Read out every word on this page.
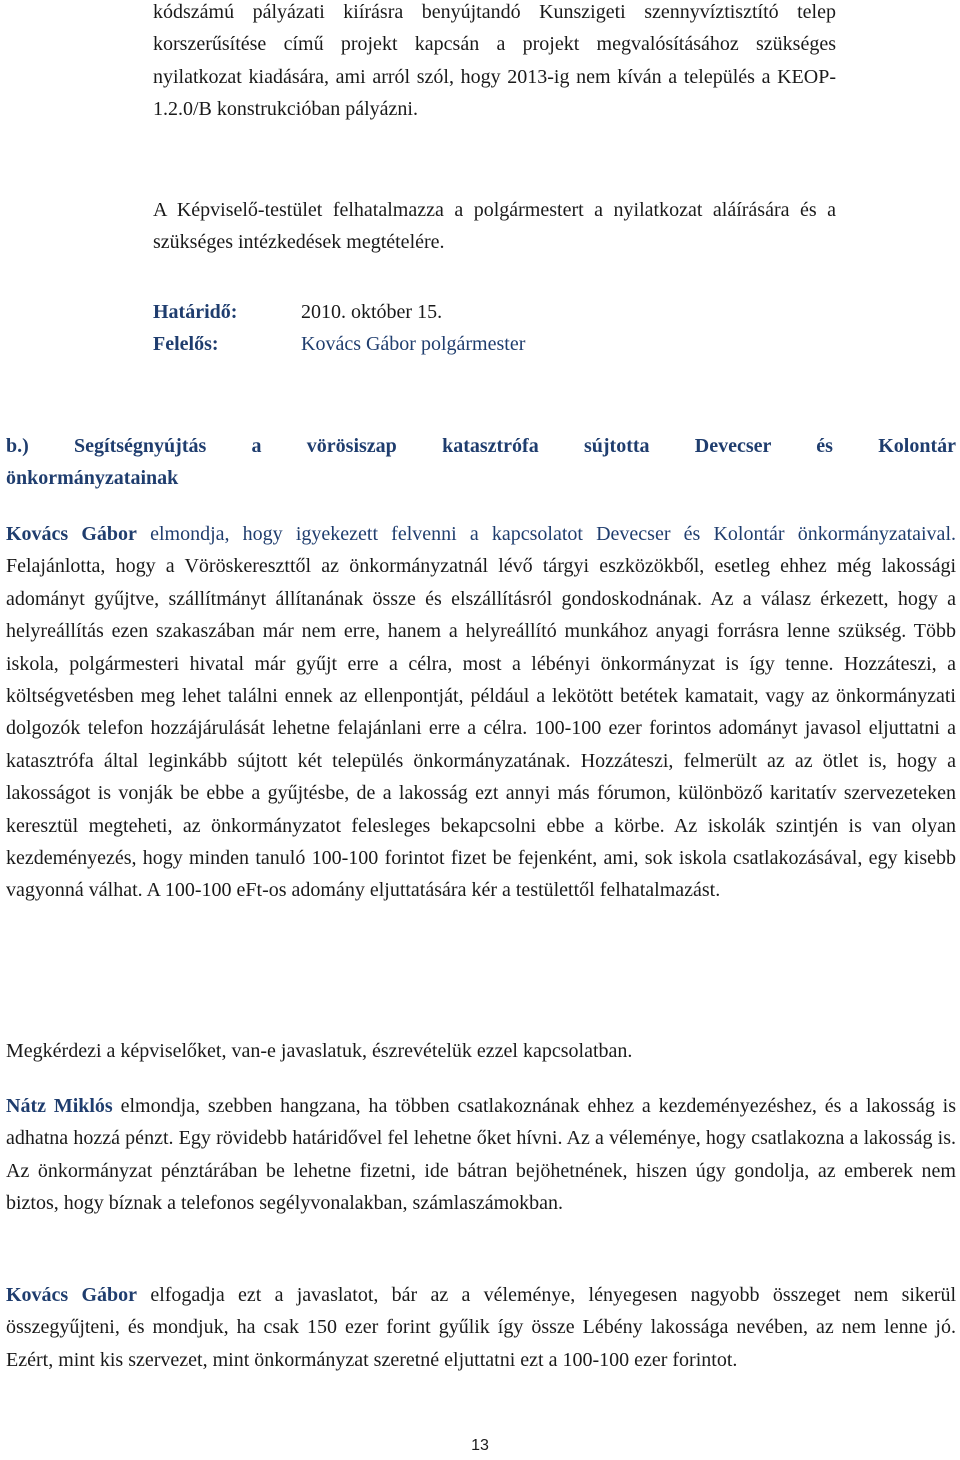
kódszámú pályázati kiírásra benyújtandó Kunszigeti szennyvíztisztító telep korszerűsítése című projekt kapcsán a projekt megvalósításához szükséges nyilatkozat kiadására, ami arról szól, hogy 2013-ig nem kíván a település a KEOP-1.2.0/B konstrukcióban pályázni.

A Képviselő-testület felhatalmazza a polgármestert a nyilatkozat aláírására és a szükséges intézkedések megtételére.

Határidő:	2010. október 15.
Felelős:	Kovács Gábor polgármester
b.) Segítségnyújtás a vörösiszap katasztrófa sújtotta Devecser és Kolontár
önkormányzatainak

Kovács Gábor elmondja, hogy igyekezett felvenni a kapcsolatot Devecser és Kolontár önkormányzataival. Felajánlotta, hogy a Vöröskereszttől az önkormányzatnál lévő tárgyi eszközökből, esetleg ehhez még lakossági adományt gyűjtve, szállítmányt állítanának össze és elszállításról gondoskodnának. Az a válasz érkezett, hogy a helyreállítás ezen szakaszában már nem erre, hanem a helyreállító munkához anyagi forrásra lenne szükség. Több iskola, polgármesteri hivatal már gyűjt erre a célra, most a lébényi önkormányzat is így tenne. Hozzáteszi, a költségvetésben meg lehet találni ennek az ellenpontját, például a lekötött betétek kamatait, vagy az önkormányzati dolgozók telefon hozzájárulását lehetne felajánlani erre a célra. 100-100 ezer forintos adományt javasol eljuttatni a katasztrófa által leginkább sújtott két település önkormányzatának. Hozzáteszi, felmerült az az ötlet is, hogy a lakosságot is vonják be ebbe a gyűjtésbe, de a lakosság ezt annyi más fórumon, különböző karitatív szervezeteken keresztül megteheti, az önkormányzatot felesleges bekapcsolni ebbe a körbe. Az iskolák szintjén is van olyan kezdeményezés, hogy minden tanuló 100-100 forintot fizet be fejenként, ami, sok iskola csatlakozásával, egy kisebb vagyonná válhat. A 100-100 eFt-os adomány eljuttatására kér a testülettől felhatalmazást.

Megkérdezi a képviselőket, van-e javaslatuk, észrevételük ezzel kapcsolatban.

Nátz Miklós elmondja, szebben hangzana, ha többen csatlakoznának ehhez a kezdeményezéshez, és a lakosság is adhatna hozzá pénzt. Egy rövidebb határidővel fel lehetne őket hívni. Az a véleménye, hogy csatlakozna a lakosság is. Az önkormányzat pénztárában be lehetne fizetni, ide bátran bejöhetnének, hiszen úgy gondolja, az emberek nem biztos, hogy bíznak a telefonos segélyvonalakban, számlaszámokban.

Kovács Gábor elfogadja ezt a javaslatot, bár az a véleménye, lényegesen nagyobb összeget nem sikerül összegyűjteni, és mondjuk, ha csak 150 ezer forint gyűlik így össze Lébény lakossága nevében, az nem lenne jó. Ezért, mint kis szervezet, mint önkormányzat szeretné eljuttatni ezt a 100-100 ezer forintot.

13
